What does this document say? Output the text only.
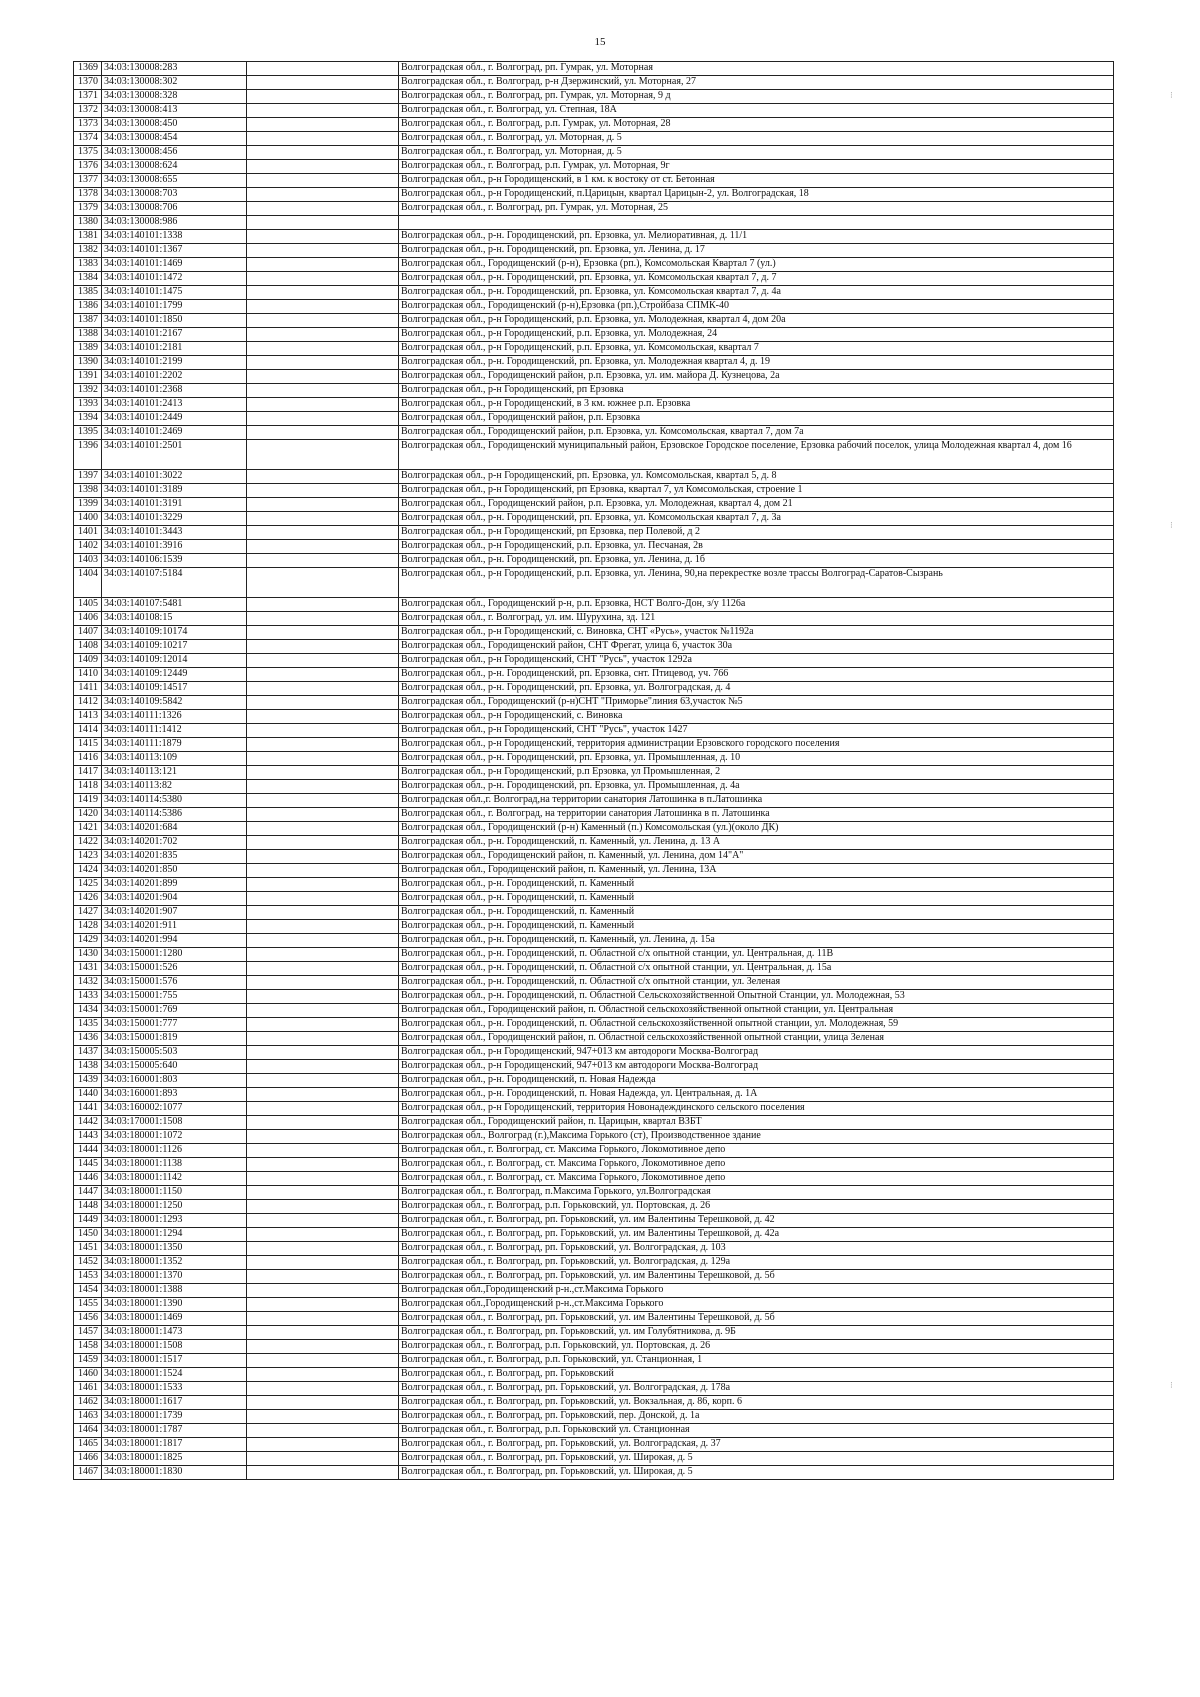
15
1369	34:03:130008:283		Волгоградская обл., г. Волгоград, рп. Гумрак, ул. Моторная
1370	34:03:130008:302		Волгоградская обл., г. Волгоград, р-н Дзержинский, ул. Моторная, 27
1371	34:03:130008:328		Волгоградская обл., г. Волгоград, рп. Гумрак, ул. Моторная, 9 д
1372	34:03:130008:413		Волгоградская обл., г. Волгоград, ул. Степная, 18А
1373	34:03:130008:450		Волгоградская обл., г. Волгоград, р.п. Гумрак, ул. Моторная, 28
1374	34:03:130008:454		Волгоградская обл., г. Волгоград, ул. Моторная, д. 5
1375	34:03:130008:456		Волгоградская обл., г. Волгоград, ул. Моторная, д. 5
1376	34:03:130008:624		Волгоградская обл., г. Волгоград, р.п. Гумрак, ул. Моторная, 9г
1377	34:03:130008:655		Волгоградская обл., р-н Городищенский, в 1 км. к востоку от ст. Бетонная
1378	34:03:130008:703		Волгоградская обл., р-н Городищенский, п.Царицын, квартал Царицын-2, ул. Волгоградская, 18
1379	34:03:130008:706		Волгоградская обл., г. Волгоград, рп. Гумрак, ул. Моторная, 25
1380	34:03:130008:986		
1381	34:03:140101:1338		Волгоградская обл., р-н. Городищенский, рп. Ерзовка, ул. Мелиоративная, д. 11/1
1382	34:03:140101:1367		Волгоградская обл., р-н. Городищенский, рп. Ерзовка, ул. Ленина, д. 17
1383	34:03:140101:1469		Волгоградская обл., Городищенский (р-н), Ерзовка (рп.), Комсомольская Квартал 7 (ул.)
1384	34:03:140101:1472		Волгоградская обл., р-н. Городищенский, рп. Ерзовка, ул. Комсомольская квартал 7, д. 7
1385	34:03:140101:1475		Волгоградская обл., р-н. Городищенский, рп. Ерзовка, ул. Комсомольская квартал 7, д. 4а
1386	34:03:140101:1799		Волгоградская обл., Городищенский (р-н),Ерзовка (рп.),Стройбаза СПМК-40
1387	34:03:140101:1850		Волгоградская обл., р-н Городищенский, р.п. Ерзовка, ул. Молодежная, квартал 4, дом 20а
1388	34:03:140101:2167		Волгоградская обл., р-н Городищенский, р.п. Ерзовка, ул. Молодежная, 24
1389	34:03:140101:2181		Волгоградская обл., р-н Городищенский, р.п. Ерзовка, ул. Комсомольская, квартал 7
1390	34:03:140101:2199		Волгоградская обл., р-н. Городищенский, рп. Ерзовка, ул. Молодежная квартал 4, д. 19
1391	34:03:140101:2202		Волгоградская обл., Городищенский район, р.п. Ерзовка, ул. им. майора Д. Кузнецова, 2а
1392	34:03:140101:2368		Волгоградская обл., р-н Городищенский, рп Ерзовка
1393	34:03:140101:2413		Волгоградская обл., р-н Городищенский, в 3 км. южнее р.п. Ерзовка
1394	34:03:140101:2449		Волгоградская обл., Городищенский район, р.п. Ерзовка
1395	34:03:140101:2469		Волгоградская обл., Городищенский район, р.п. Ерзовка, ул. Комсомольская, квартал 7, дом 7а
1396	34:03:140101:2501		Волгоградская обл., Городищенский муниципальный район, Ерзовское Городское поселение, Ерзовка рабочий поселок, улица Молодежная квартал 4, дом 16
1397	34:03:140101:3022		Волгоградская обл., р-н Городищенский, рп. Ерзовка, ул. Комсомольская, квартал 5, д. 8
1398	34:03:140101:3189		Волгоградская обл., р-н Городищенский, рп Ерзовка, квартал 7, ул Комсомольская, строение 1
1399	34:03:140101:3191		Волгоградская обл., Городищенский район, р.п. Ерзовка, ул. Молодежная, квартал 4, дом 21
1400	34:03:140101:3229		Волгоградская обл., р-н. Городищенский, рп. Ерзовка, ул. Комсомольская квартал 7, д. 3а
1401	34:03:140101:3443		Волгоградская обл., р-н Городищенский, рп Ерзовка, пер Полевой, д 2
1402	34:03:140101:3916		Волгоградская обл., р-н Городищенский, р.п. Ерзовка, ул. Песчаная, 2в
1403	34:03:140106:1539		Волгоградская обл., р-н. Городищенский, рп. Ерзовка, ул. Ленина, д. 1б
1404	34:03:140107:5184		Волгоградская обл., р-н Городищенский, р.п. Ерзовка, ул. Ленина, 90,на перекрестке возле трассы Волгоград-Саратов-Сызрань
1405	34:03:140107:5481		Волгоградская обл., Городищенский р-н, р.п. Ерзовка, НСТ Волго-Дон, з/у 1126а
1406	34:03:140108:15		Волгоградская обл., г. Волгоград, ул. им. Шурухина, зд. 121
1407	34:03:140109:10174		Волгоградская обл., р-н Городищенский, с. Виновка, СНТ «Русь», участок №1192а
1408	34:03:140109:10217		Волгоградская обл., Городищенский район, СНТ Фрегат, улица 6, участок 30а
1409	34:03:140109:12014		Волгоградская обл., р-н Городищенский, СНТ "Русь", участок 1292а
1410	34:03:140109:12449		Волгоградская обл., р-н. Городищенский, рп. Ерзовка, снт. Птицевод, уч. 766
1411	34:03:140109:14517		Волгоградская обл., р-н. Городищенский, рп. Ерзовка, ул. Волгоградская, д. 4
1412	34:03:140109:5842		Волгоградская обл., Городищенский (р-н)СНТ "Приморье"линия 63,участок №5
1413	34:03:140111:1326		Волгоградская обл., р-н Городищенский, с. Виновка
1414	34:03:140111:1412		Волгоградская обл., р-н Городищенский, СНТ "Русь", участок 1427
1415	34:03:140111:1879		Волгоградская обл., р-н Городищенский, территория администрации Ерзовского городского поселения
1416	34:03:140113:109		Волгоградская обл., р-н. Городищенский, рп. Ерзовка, ул. Промышленная, д. 10
1417	34:03:140113:121		Волгоградская обл., р-н Городищенский, р.п Ерзовка, ул Промышленная, 2
1418	34:03:140113:82		Волгоградская обл., р-н. Городищенский, рп. Ерзовка, ул. Промышленная, д. 4а
1419	34:03:140114:5380		Волгоградская обл.,г. Волгоград,на территории санатория Латошинка в п.Латошинка
1420	34:03:140114:5386		Волгоградская обл., г. Волгоград, на территории санатория Латошинка в п. Латошинка
1421	34:03:140201:684		Волгоградская обл., Городищенский (р-н) Каменный (п.) Комсомольская (ул.)(около ДК)
1422	34:03:140201:702		Волгоградская обл., р-н. Городищенский, п. Каменный, ул. Ленина, д. 13 А
1423	34:03:140201:835		Волгоградская обл., Городищенский район, п. Каменный, ул. Ленина, дом 14"А"
1424	34:03:140201:850		Волгоградская обл., Городищенский район, п. Каменный, ул. Ленина, 13А
1425	34:03:140201:899		Волгоградская обл., р-н. Городищенский, п. Каменный
1426	34:03:140201:904		Волгоградская обл., р-н. Городищенский, п. Каменный
1427	34:03:140201:907		Волгоградская обл., р-н. Городищенский, п. Каменный
1428	34:03:140201:911		Волгоградская обл., р-н. Городищенский, п. Каменный
1429	34:03:140201:994		Волгоградская обл., р-н. Городищенский, п. Каменный, ул. Ленина, д. 15а
1430	34:03:150001:1280		Волгоградская обл., р-н. Городищенский, п. Областной с/х опытной станции, ул. Центральная, д. 11В
1431	34:03:150001:526		Волгоградская обл., р-н. Городищенский, п. Областной с/х опытной станции, ул. Центральная, д. 15а
1432	34:03:150001:576		Волгоградская обл., р-н. Городищенский, п. Областной с/х опытной станции, ул. Зеленая
1433	34:03:150001:755		Волгоградская обл., р-н. Городищенский, п. Областной Сельскохозяйственной Опытной Станции, ул. Молодежная, 53
1434	34:03:150001:769		Волгоградская обл., Городищенский район, п. Областной сельскохозяйственной опытной станции, ул. Центральная
1435	34:03:150001:777		Волгоградская обл., р-н. Городищенский, п. Областной сельскохозяйственной опытной станции, ул. Молодежная, 59
1436	34:03:150001:819		Волгоградская обл., Городищенский район, п. Областной сельскохозяйственной опытной станции, улица Зеленая
1437	34:03:150005:503		Волгоградская обл., р-н Городищенский, 947+013 км автодороги Москва-Волгоград
1438	34:03:150005:640		Волгоградская обл., р-н Городищенский, 947+013 км автодороги Москва-Волгоград
1439	34:03:160001:803		Волгоградская обл., р-н. Городищенский, п. Новая Надежда
1440	34:03:160001:893		Волгоградская обл., р-н. Городищенский, п. Новая Надежда, ул. Центральная, д. 1А
1441	34:03:160002:1077		Волгоградская обл., р-н Городищенский, территория Новонадеждинского сельского поселения
1442	34:03:170001:1508		Волгоградская обл., Городищенский район, п. Царицын, квартал ВЗБТ
1443	34:03:180001:1072		Волгоградская обл., Волгоград (г.),Максима Горького (ст), Производственное здание
1444	34:03:180001:1126		Волгоградская обл., г. Волгоград, ст. Максима Горького, Локомотивное депо
1445	34:03:180001:1138		Волгоградская обл., г. Волгоград, ст. Максима Горького, Локомотивное депо
1446	34:03:180001:1142		Волгоградская обл., г. Волгоград, ст. Максима Горького, Локомотивное депо
1447	34:03:180001:1150		Волгоградская обл., г. Волгоград, п.Максима Горького, ул.Волгоградская
1448	34:03:180001:1250		Волгоградская обл., г. Волгоград, р.п. Горьковский, ул. Портовская, д. 26
1449	34:03:180001:1293		Волгоградская обл., г. Волгоград, рп. Горьковский, ул. им Валентины Терешковой, д. 42
1450	34:03:180001:1294		Волгоградская обл., г. Волгоград, рп. Горьковский, ул. им Валентины Терешковой, д. 42а
1451	34:03:180001:1350		Волгоградская обл., г. Волгоград, рп. Горьковский, ул. Волгоградская, д. 103
1452	34:03:180001:1352		Волгоградская обл., г. Волгоград, рп. Горьковский, ул. Волгоградская, д. 129а
1453	34:03:180001:1370		Волгоградская обл., г. Волгоград, рп. Горьковский, ул. им Валентины Терешковой, д. 5б
1454	34:03:180001:1388		Волгоградская обл.,Городищенский р-н.,ст.Максима Горького
1455	34:03:180001:1390		Волгоградская обл.,Городищенский р-н.,ст.Максима Горького
1456	34:03:180001:1469		Волгоградская обл., г. Волгоград, рп. Горьковский, ул. им Валентины Терешковой, д. 5б
1457	34:03:180001:1473		Волгоградская обл., г. Волгоград, рп. Горьковский, ул. им Голубятникова, д. 9Б
1458	34:03:180001:1508		Волгоградская обл., г. Волгоград, р.п. Горьковский, ул. Портовская, д. 26
1459	34:03:180001:1517		Волгоградская обл., г. Волгоград, р.п. Горьковский, ул. Станционная, 1
1460	34:03:180001:1524		Волгоградская обл., г. Волгоград, рп. Горьковский
1461	34:03:180001:1533		Волгоградская обл., г. Волгоград, рп. Горьковский, ул. Волгоградская, д. 178а
1462	34:03:180001:1617		Волгоградская обл., г. Волгоград, рп. Горьковский, ул. Вокзальная, д. 86, корп. 6
1463	34:03:180001:1739		Волгоградская обл., г. Волгоград, рп. Горьковский, пер. Донской, д. 1а
1464	34:03:180001:1787		Волгоградская обл., г. Волгоград, р.п. Горьковский ул. Станционная
1465	34:03:180001:1817		Волгоградская обл., г. Волгоград, рп. Горьковский, ул. Волгоградская, д. 37
1466	34:03:180001:1825		Волгоградская обл., г. Волгоград, рп. Горьковский, ул. Широкая, д. 5
1467	34:03:180001:1830		Волгоградская обл., г. Волгоград, рп. Горьковский, ул. Широкая, д. 5
⁝
⁝
⁝
